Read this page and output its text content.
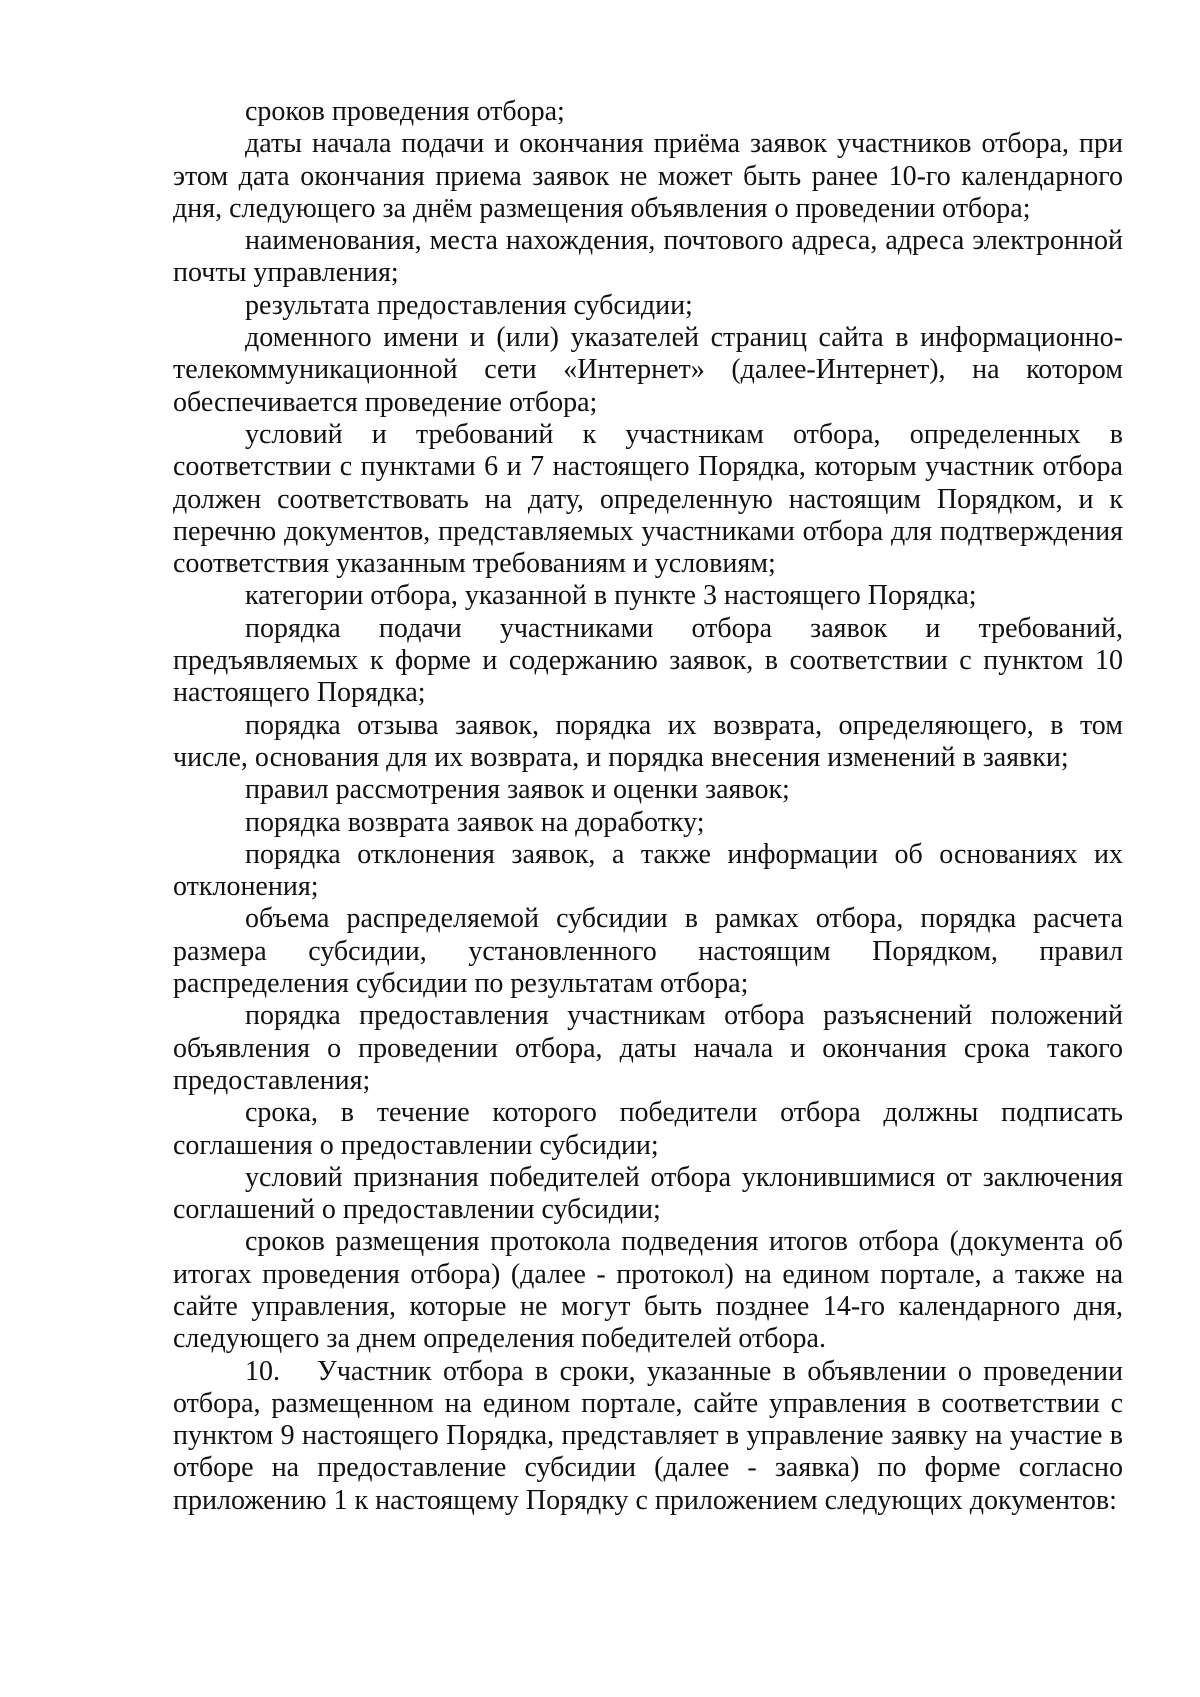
сроков проведения отбора;

даты начала подачи и окончания приёма заявок участников отбора, при этом дата окончания приема заявок не может быть ранее 10-го календарного дня, следующего за днём размещения объявления о проведении отбора;

наименования, места нахождения, почтового адреса, адреса электронной почты управления;

результата предоставления субсидии;

доменного имени и (или) указателей страниц сайта в информационно-телекоммуникационной сети «Интернет» (далее-Интернет), на котором обеспечивается проведение отбора;

условий и требований к участникам отбора, определенных в соответствии с пунктами 6 и 7 настоящего Порядка, которым участник отбора должен соответствовать на дату, определенную настоящим Порядком, и к перечню документов, представляемых участниками отбора для подтверждения соответствия указанным требованиям и условиям;

категории отбора, указанной в пункте 3 настоящего Порядка;

порядка подачи участниками отбора заявок и требований, предъявляемых к форме и содержанию заявок, в соответствии с пунктом 10 настоящего Порядка;

порядка отзыва заявок, порядка их возврата, определяющего, в том числе, основания для их возврата, и порядка внесения изменений в заявки;

правил рассмотрения заявок и оценки заявок;

порядка возврата заявок на доработку;

порядка отклонения заявок, а также информации об основаниях их отклонения;

объема распределяемой субсидии в рамках отбора, порядка расчета размера субсидии, установленного настоящим Порядком, правил распределения субсидии по результатам отбора;

порядка предоставления участникам отбора разъяснений положений объявления о проведении отбора, даты начала и окончания срока такого предоставления;

срока, в течение которого победители отбора должны подписать соглашения о предоставлении субсидии;

условий признания победителей отбора уклонившимися от заключения соглашений о предоставлении субсидии;

сроков размещения протокола подведения итогов отбора (документа об итогах проведения отбора) (далее - протокол) на едином портале, а также на сайте управления, которые не могут быть позднее 14-го календарного дня, следующего за днем определения победителей отбора.

10. Участник отбора в сроки, указанные в объявлении о проведении отбора, размещенном на едином портале, сайте управления в соответствии с пунктом 9 настоящего Порядка, представляет в управление заявку на участие в отборе на предоставление субсидии (далее - заявка) по форме согласно приложению 1 к настоящему Порядку с приложением следующих документов:
